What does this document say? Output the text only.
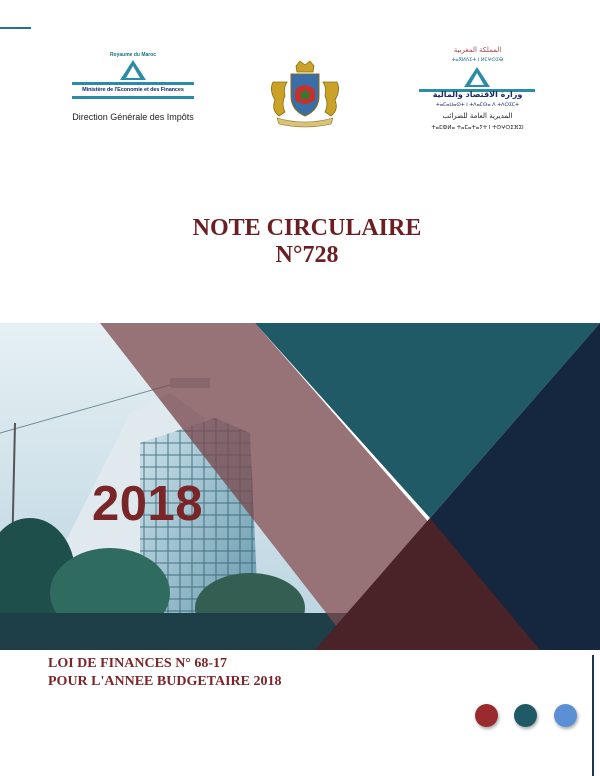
Royaume du Maroc
Ministère de l'Economie et des Finances
Direction Générale des Impôts
المملكة المغربية
ⵜⴰⴳⵍⴷⵉⵜ ⵏ ⵍⵎⵖⵔⵉⴱ
وزارة الاقتصاد والمالية
ⵜⴰⵎⴰⵡⴰⵙⵜ ⵏ ⵜⴷⴰⵎⵙⴰ ⴷ ⵜⴷⵔⵉⵎⵜ
المديرية العامة للضرائب
ⵜⴰⵎⵀⵍⴰ ⵜⴰⵎⴰⵜⴰⵢⵜ ⵏ ⵜⵙⵖⵔⵉⴼⵉⵏ
NOTE CIRCULAIRE
N°728
2018
LOI DE FINANCES N° 68-17
POUR L'ANNEE BUDGETAIRE 2018
